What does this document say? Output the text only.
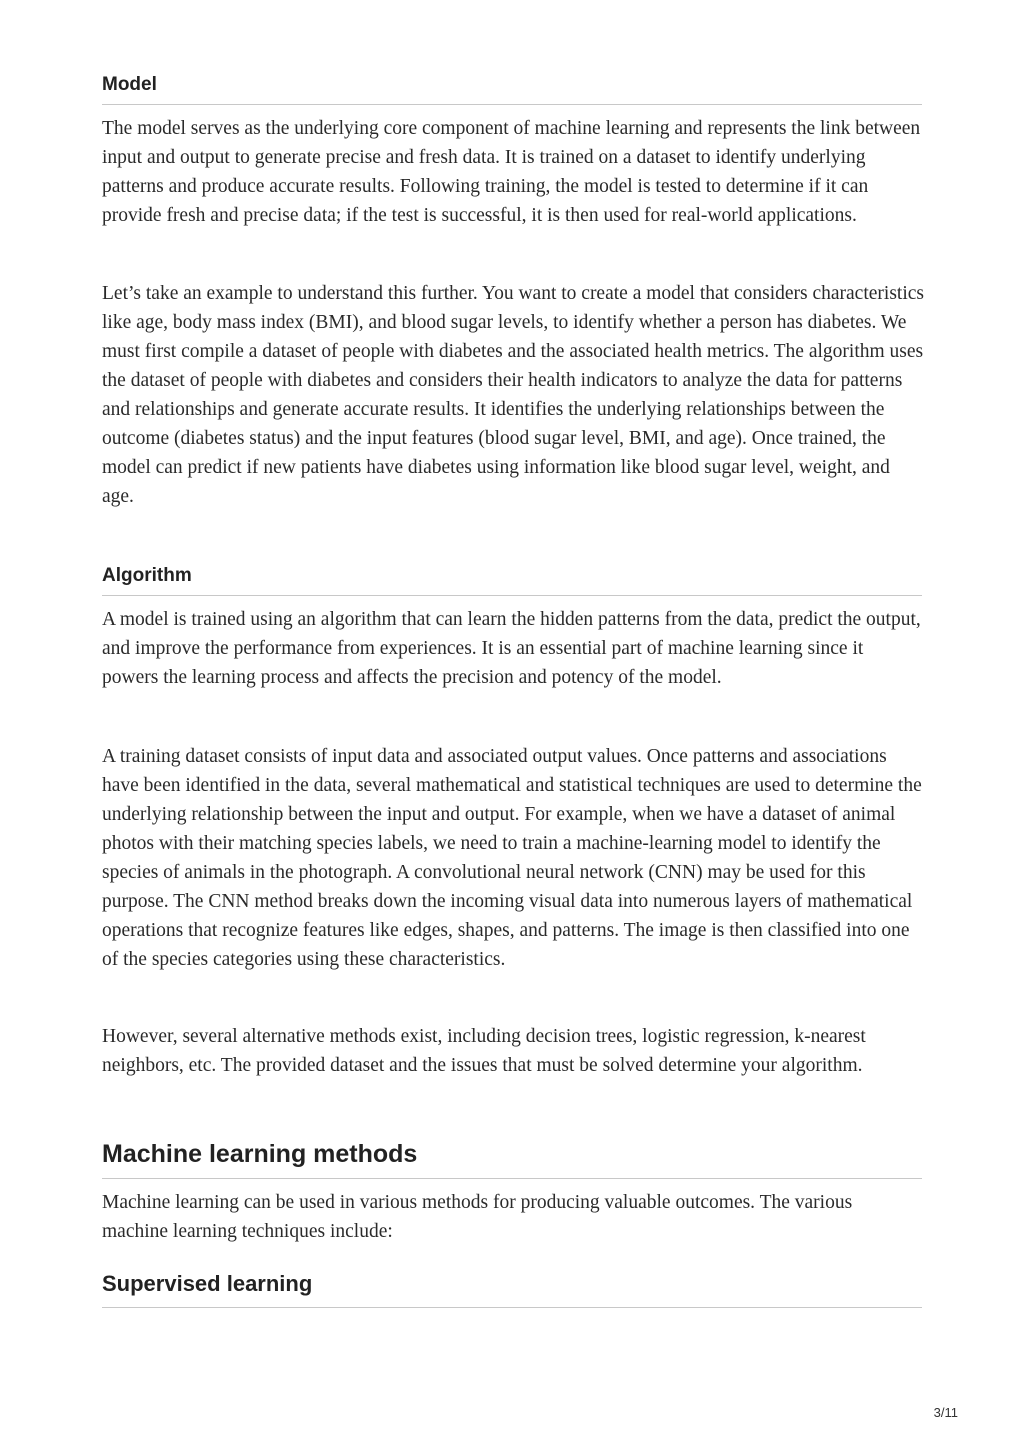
Model

The model serves as the underlying core component of machine learning and represents the link between input and output to generate precise and fresh data. It is trained on a dataset to identify underlying patterns and produce accurate results. Following training, the model is tested to determine if it can provide fresh and precise data; if the test is successful, it is then used for real-world applications.

Let’s take an example to understand this further. You want to create a model that considers characteristics like age, body mass index (BMI), and blood sugar levels, to identify whether a person has diabetes. We must first compile a dataset of people with diabetes and the associated health metrics. The algorithm uses the dataset of people with diabetes and considers their health indicators to analyze the data for patterns and relationships and generate accurate results. It identifies the underlying relationships between the outcome (diabetes status) and the input features (blood sugar level, BMI, and age). Once trained, the model can predict if new patients have diabetes using information like blood sugar level, weight, and age.

Algorithm

A model is trained using an algorithm that can learn the hidden patterns from the data, predict the output, and improve the performance from experiences. It is an essential part of machine learning since it powers the learning process and affects the precision and potency of the model.

A training dataset consists of input data and associated output values. Once patterns and associations have been identified in the data, several mathematical and statistical techniques are used to determine the underlying relationship between the input and output. For example, when we have a dataset of animal photos with their matching species labels, we need to train a machine-learning model to identify the species of animals in the photograph. A convolutional neural network (CNN) may be used for this purpose. The CNN method breaks down the incoming visual data into numerous layers of mathematical operations that recognize features like edges, shapes, and patterns. The image is then classified into one of the species categories using these characteristics.

However, several alternative methods exist, including decision trees, logistic regression, k-nearest neighbors, etc. The provided dataset and the issues that must be solved determine your algorithm.

Machine learning methods

Machine learning can be used in various methods for producing valuable outcomes. The various machine learning techniques include:

Supervised learning
3/11
